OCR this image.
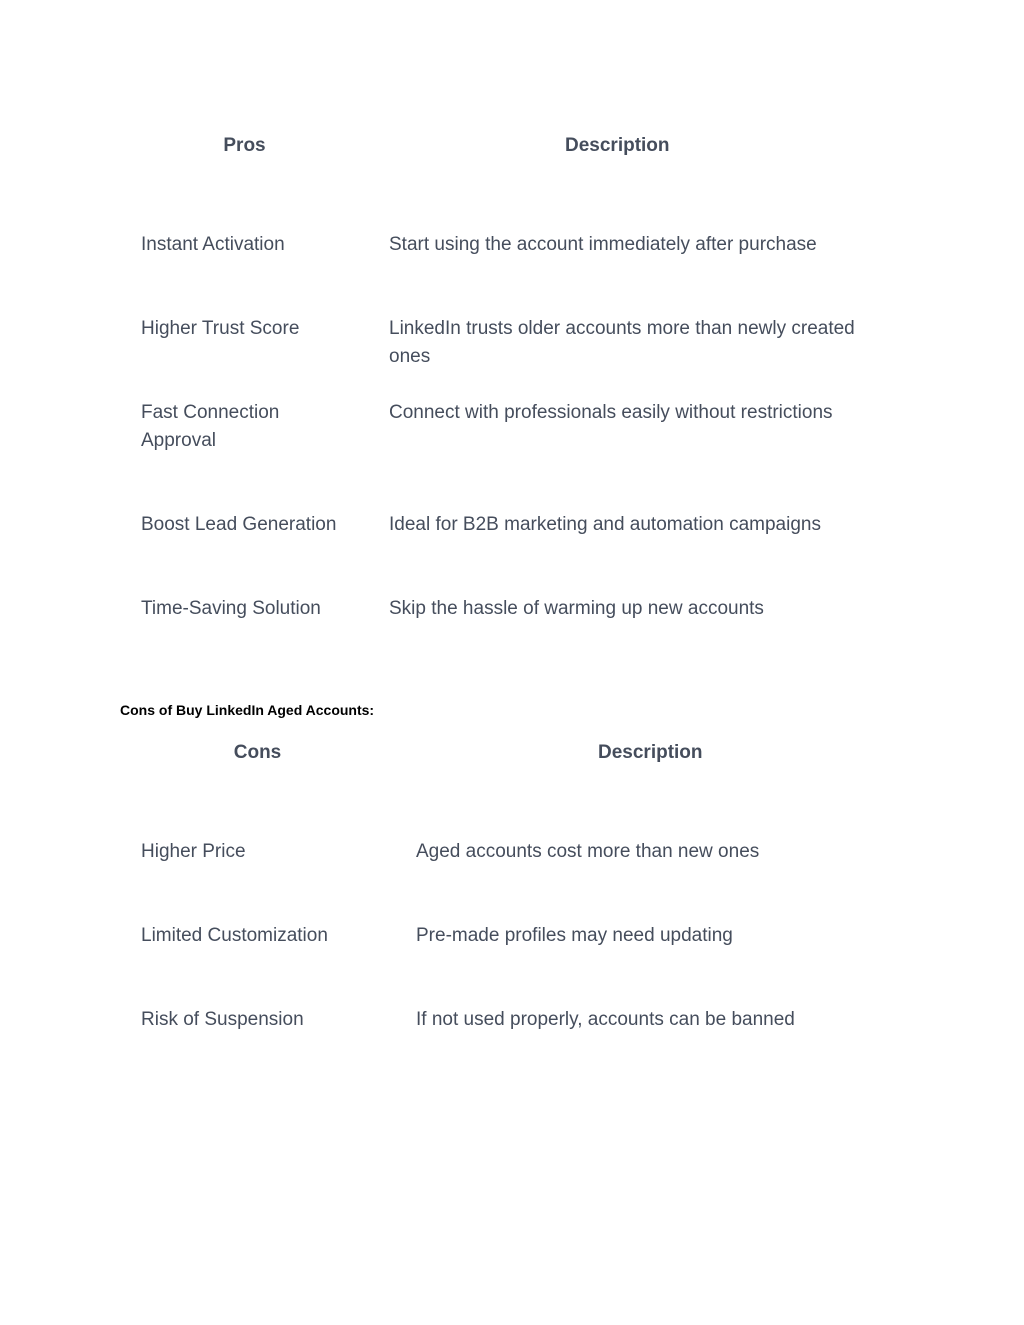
Pros	Description
Instant Activation	Start using the account immediately after purchase
Higher Trust Score	LinkedIn trusts older accounts more than newly created ones
Fast Connection Approval	Connect with professionals easily without restrictions
Boost Lead Generation	Ideal for B2B marketing and automation campaigns
Time-Saving Solution	Skip the hassle of warming up new accounts

Cons of Buy LinkedIn Aged Accounts:

Cons	Description
Higher Price	Aged accounts cost more than new ones
Limited Customization	Pre-made profiles may need updating
Risk of Suspension	If not used properly, accounts can be banned
